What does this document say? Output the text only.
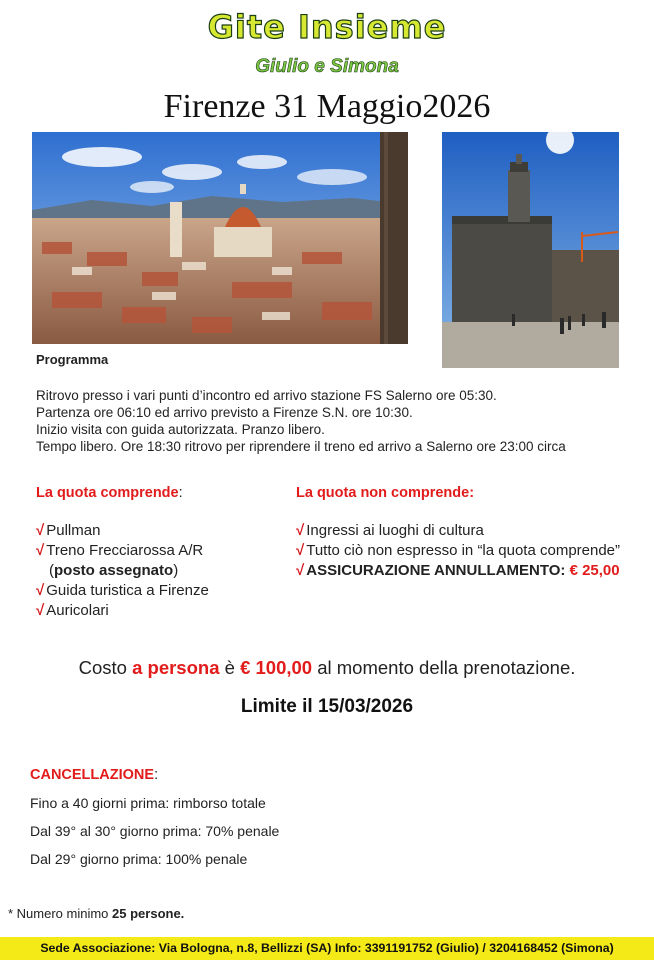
Gite Insieme
Giulio e Simona
Firenze 31 Maggio2026
Programma
Ritrovo presso i vari punti d’incontro ed arrivo stazione FS Salerno ore 05:30.
Partenza ore 06:10 ed arrivo previsto a Firenze S.N. ore 10:30.
Inizio visita con guida autorizzata. Pranzo libero.
Tempo libero. Ore 18:30 ritrovo per riprendere il treno ed arrivo a Salerno ore 23:00 circa
La quota comprende:
√ Pullman
√ Treno Frecciarossa A/R
(posto assegnato)
√ Guida turistica a Firenze
√ Auricolari
La quota non comprende:
√ Ingressi ai luoghi di cultura
√ Tutto ciò non espresso in “la quota comprende”
√ ASSICURAZIONE ANNULLAMENTO: € 25,00
Costo a persona è € 100,00 al momento della prenotazione.
Limite il 15/03/2026
CANCELLAZIONE:
Fino a 40 giorni prima: rimborso totale
Dal 39° al 30° giorno prima: 70% penale
Dal 29° giorno prima: 100% penale
* Numero minimo 25 persone.
Sede Associazione: Via Bologna, n.8, Bellizzi (SA) Info: 3391191752 (Giulio) / 3204168452 (Simona)
